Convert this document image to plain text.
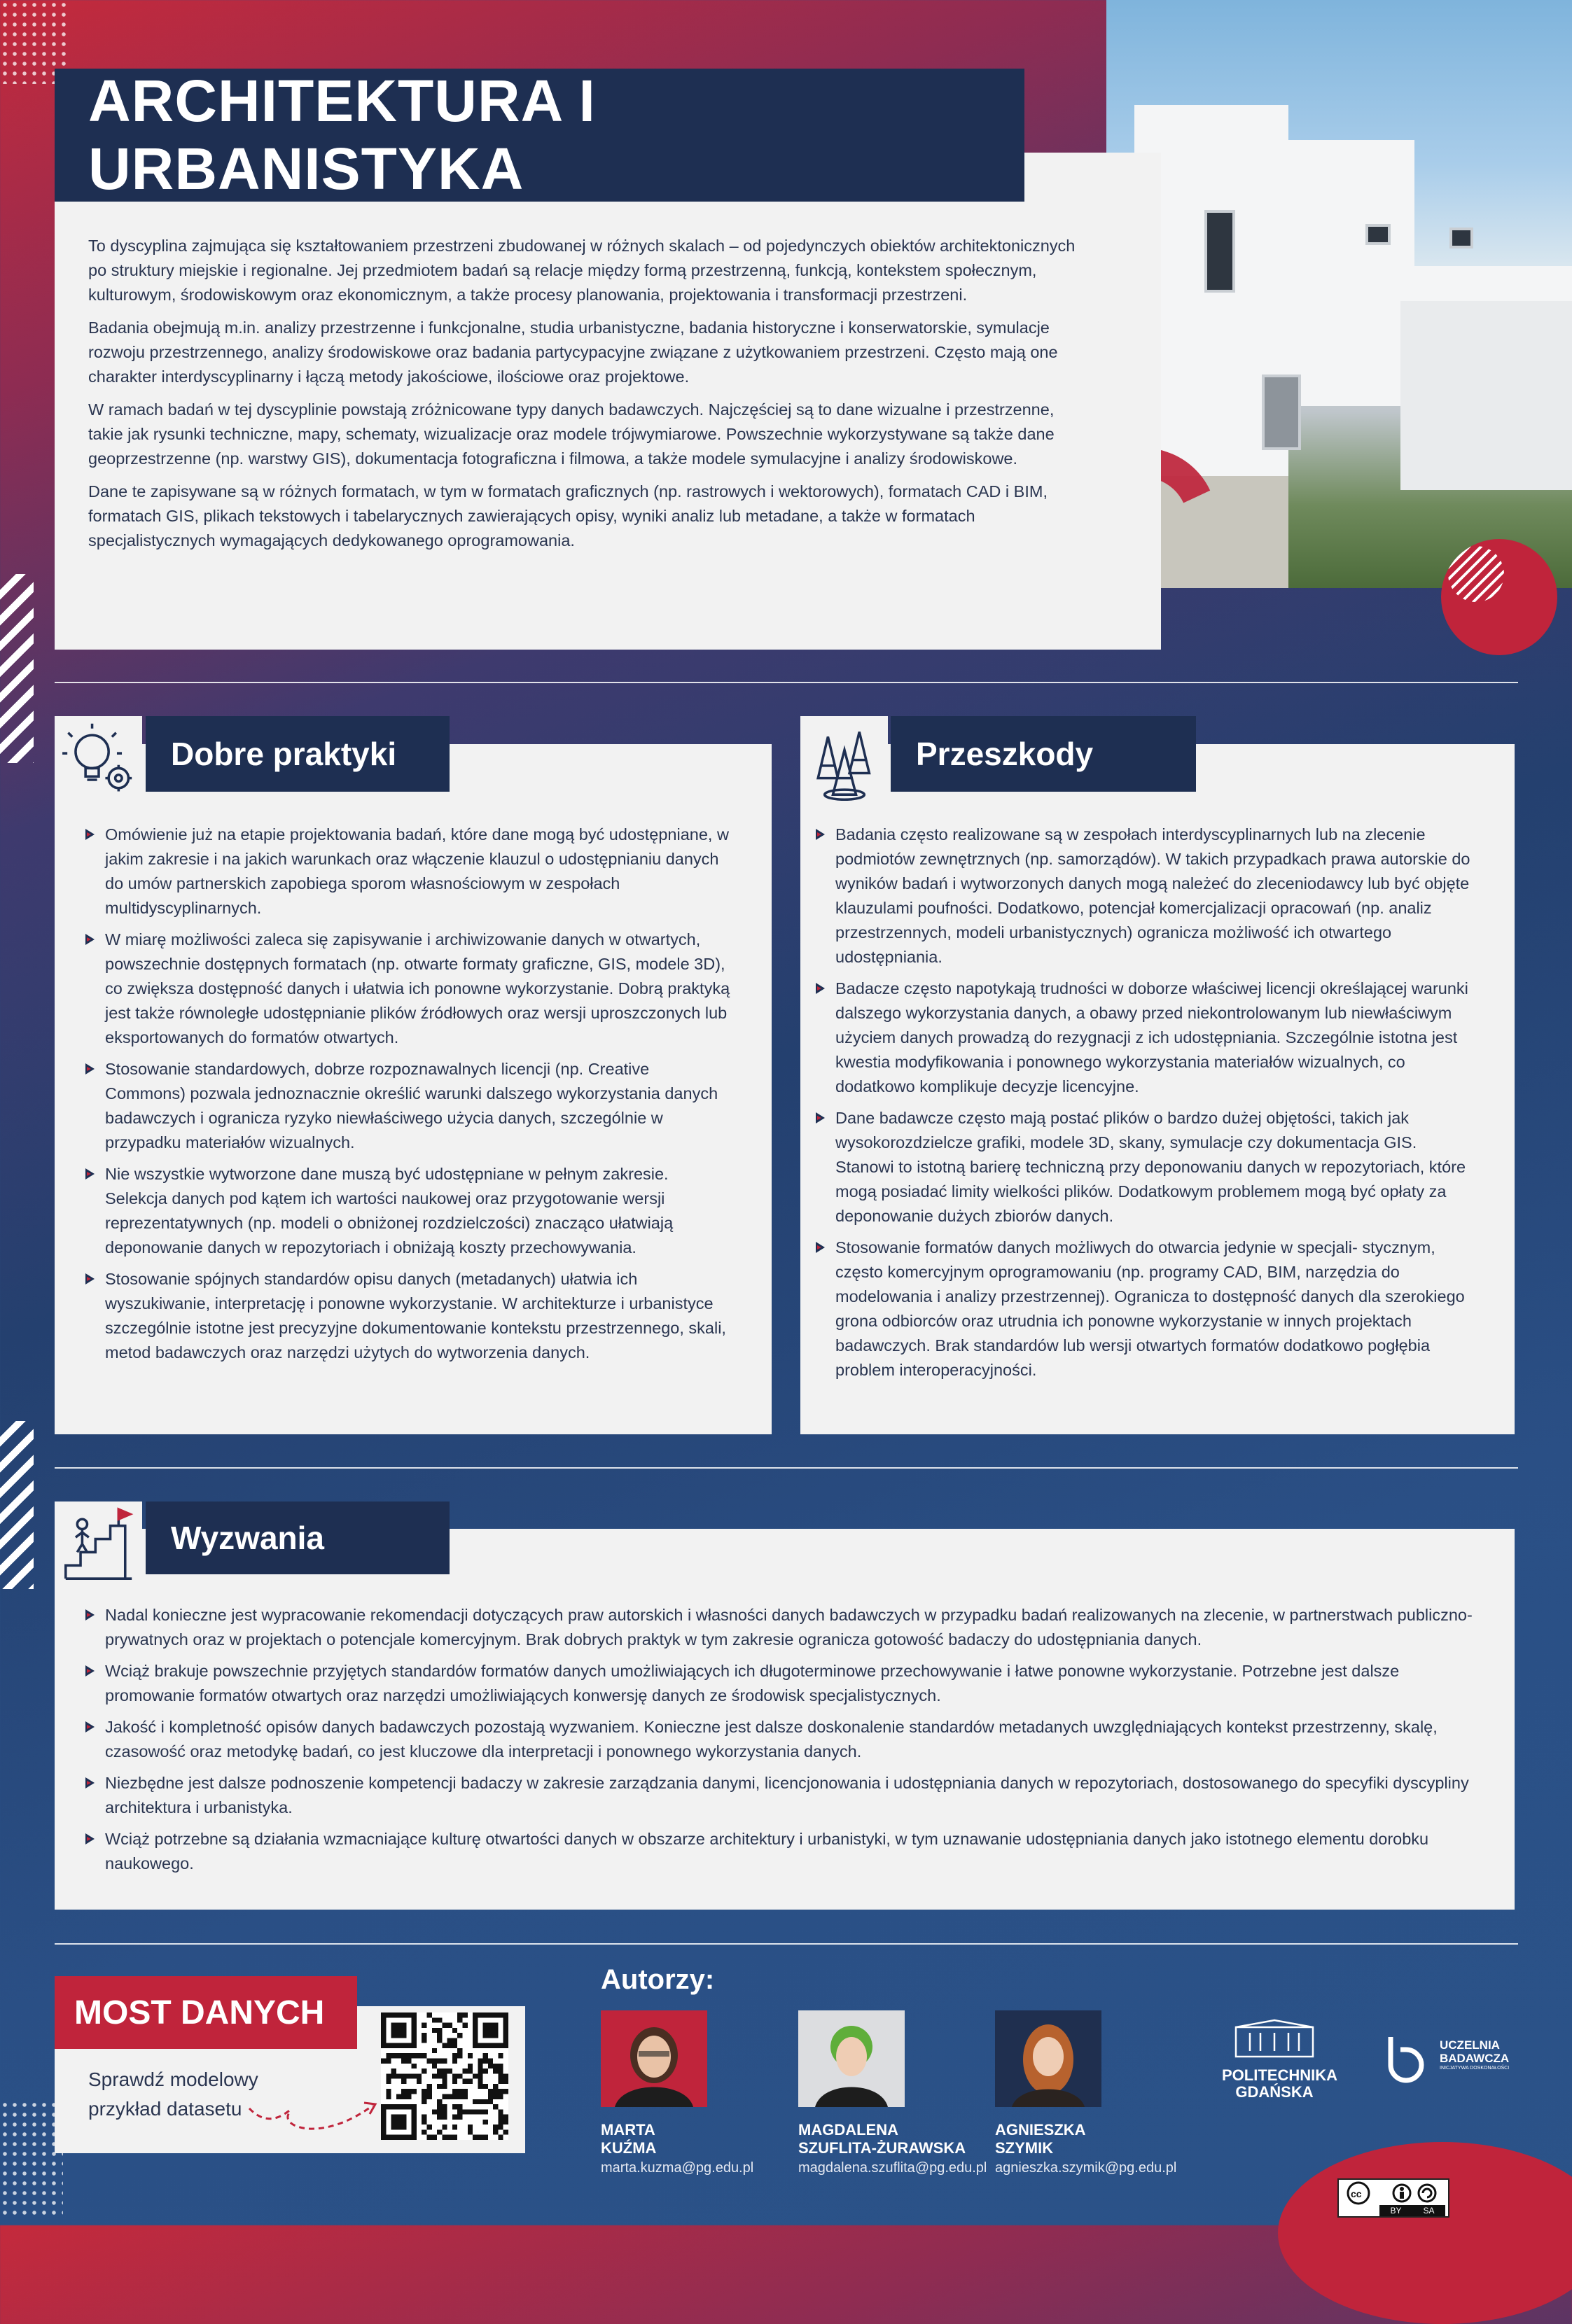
ARCHITEKTURA I URBANISTYKA

To dyscyplina zajmująca się kształtowaniem przestrzeni zbudowanej w różnych skalach – od pojedynczych obiektów architektonicznych po struktury miejskie i regionalne. Jej przedmiotem badań są relacje między formą przestrzenną, funkcją, kontekstem społecznym, kulturowym, środowiskowym oraz ekonomicznym, a także procesy planowania, projektowania i transformacji przestrzeni.

Badania obejmują m.in. analizy przestrzenne i funkcjonalne, studia urbanistyczne, badania historyczne i konserwatorskie, symulacje rozwoju przestrzennego, analizy środowiskowe oraz badania partycypacyjne związane z użytkowaniem przestrzeni. Często mają one charakter interdyscyplinarny i łączą metody jakościowe, ilościowe oraz projektowe.

W ramach badań w tej dyscyplinie powstają zróżnicowane typy danych badawczych. Najczęściej są to dane wizualne i przestrzenne, takie jak rysunki techniczne, mapy, schematy, wizualizacje oraz modele trójwymiarowe. Powszechnie wykorzystywane są także dane geoprzestrzenne (np. warstwy GIS), dokumentacja fotograficzna i filmowa, a także modele symulacyjne i analizy środowiskowe.

Dane te zapisywane są w różnych formatach, w tym w formatach graficznych (np. rastrowych i wektorowych), formatach CAD i BIM, formatach GIS, plikach tekstowych i tabelarycznych zawierających opisy, wyniki analiz lub metadane, a także w formatach specjalistycznych wymagających dedykowanego oprogramowania.

Omówienie już na etapie projektowania badań, które dane mogą być udostępniane, w jakim zakresie i na jakich warunkach oraz włączenie klauzul o udostępnianiu danych do umów partnerskich zapobiega sporom własnościowym w zespołach multidyscyplinarnych.
W miarę możliwości zaleca się zapisywanie i archiwizowanie danych w otwartych, powszechnie dostępnych formatach (np. otwarte formaty graficzne, GIS, modele 3D), co zwiększa dostępność danych i ułatwia ich ponowne wykorzystanie. Dobrą praktyką jest także równoległe udostępnianie plików źródłowych oraz wersji uproszczonych lub eksportowanych do formatów otwartych.
Stosowanie standardowych, dobrze rozpoznawalnych licencji (np. Creative Commons) pozwala jednoznacznie określić warunki dalszego wykorzystania danych badawczych i ogranicza ryzyko niewłaściwego użycia danych, szczególnie w przypadku materiałów wizualnych.
Nie wszystkie wytworzone dane muszą być udostępniane w pełnym zakresie. Selekcja danych pod kątem ich wartości naukowej oraz przygotowanie wersji reprezentatywnych (np. modeli o obniżonej rozdzielczości) znacząco ułatwiają deponowanie danych w repozytoriach i obniżają koszty przechowywania.
Stosowanie spójnych standardów opisu danych (metadanych) ułatwia ich wyszukiwanie, interpretację i ponowne wykorzystanie. W architekturze i urbanistyce szczególnie istotne jest precyzyjne dokumentowanie kontekstu przestrzennego, skali, metod badawczych oraz narzędzi użytych do wytworzenia danych.
Dobre praktyki
Badania często realizowane są w zespołach interdyscyplinarnych lub na zlecenie podmiotów zewnętrznych (np. samorządów). W takich przypadkach prawa autorskie do wyników badań i wytworzonych danych mogą należeć do zleceniodawcy lub być objęte klauzulami poufności. Dodatkowo, potencjał komercjalizacji opracowań (np. analiz przestrzennych, modeli urbanistycznych) ogranicza możliwość ich otwartego udostępniania.
Badacze często napotykają trudności w doborze właściwej licencji określającej warunki dalszego wykorzystania danych, a obawy przed niekontrolowanym lub niewłaściwym użyciem danych prowadzą do rezygnacji z ich udostępniania. Szczególnie istotna jest kwestia modyfikowania i ponownego wykorzystania materiałów wizualnych, co dodatkowo komplikuje decyzje licencyjne.
Dane badawcze często mają postać plików o bardzo dużej objętości, takich jak wysokorozdzielcze grafiki, modele 3D, skany, symulacje czy dokumentacja GIS. Stanowi to istotną barierę techniczną przy deponowaniu danych w repozytoriach, które mogą posiadać limity wielkości plików. Dodatkowym problemem mogą być opłaty za deponowanie dużych zbiorów danych.
Stosowanie formatów danych możliwych do otwarcia jedynie w specjali- stycznym, często komercyjnym oprogramowaniu (np. programy CAD, BIM, narzędzia do modelowania i analizy przestrzennej). Ogranicza to dostępność danych dla szerokiego grona odbiorców oraz utrudnia ich ponowne wykorzystanie w innych projektach badawczych. Brak standardów lub wersji otwartych formatów dodatkowo pogłębia problem interoperacyjności.
Przeszkody
Nadal konieczne jest wypracowanie rekomendacji dotyczących praw autorskich i własności danych badawczych w przypadku badań realizowanych na zlecenie, w partnerstwach publiczno-prywatnych oraz w projektach o potencjale komercyjnym. Brak dobrych praktyk w tym zakresie ogranicza gotowość badaczy do udostępniania danych.
Wciąż brakuje powszechnie przyjętych standardów formatów danych umożliwiających ich długoterminowe przechowywanie i łatwe ponowne wykorzystanie. Potrzebne jest dalsze promowanie formatów otwartych oraz narzędzi umożliwiających konwersję danych ze środowisk specjalistycznych.
Jakość i kompletność opisów danych badawczych pozostają wyzwaniem. Konieczne jest dalsze doskonalenie standardów metadanych uwzględniających kontekst przestrzenny, skalę, czasowość oraz metodykę badań, co jest kluczowe dla interpretacji i ponownego wykorzystania danych.
Niezbędne jest dalsze podnoszenie kompetencji badaczy w zakresie zarządzania danymi, licencjonowania i udostępniania danych w repozytoriach, dostosowanego do specyfiki dyscypliny architektura i urbanistyka.
Wciąż potrzebne są działania wzmacniające kulturę otwartości danych w obszarze architektury i urbanistyki, w tym uznawanie udostępniania danych jako istotnego elementu dorobku naukowego.
Wyzwania
MOST DANYCH
Sprawdź modelowy przykład datasetu
Autorzy:
MARTA
KUŹMA
marta.kuzma@pg.edu.pl
MAGDALENA
SZUFLITA-ŻURAWSKA
magdalena.szuflita@pg.edu.pl
AGNIESZKA
SZYMIK
agnieszka.szymik@pg.edu.pl
POLITECHNIKA
GDAŃSKA
UCZELNIA
BADAWCZA
INICJATYWA DOSKONAŁOŚCI
cc
BY	SA
